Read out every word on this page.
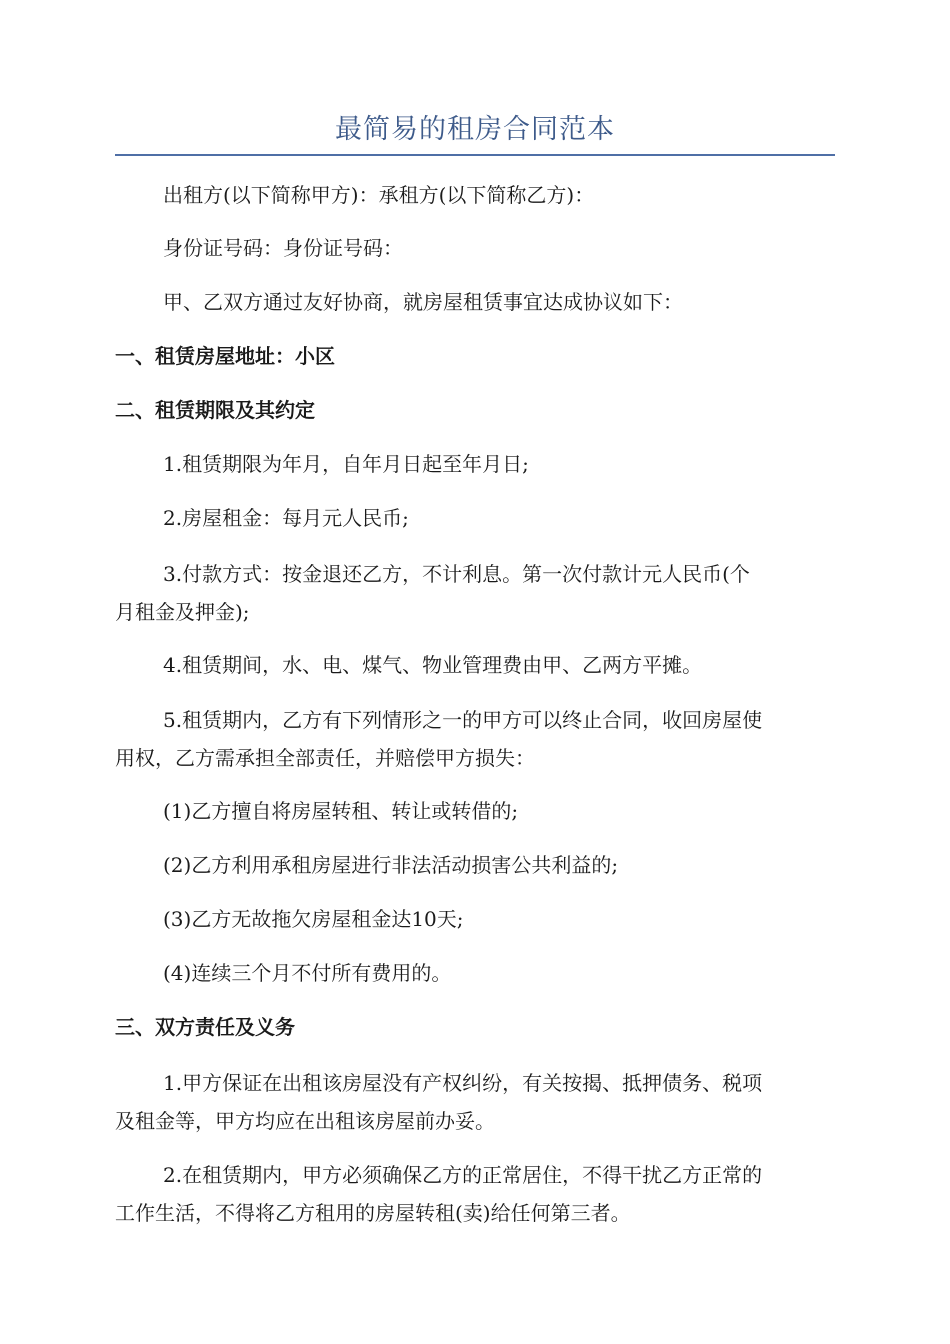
最简易的租房合同范本
出租方(以下简称甲方)：承租方(以下简称乙方)：
身份证号码：身份证号码：
甲、乙双方通过友好协商，就房屋租赁事宜达成协议如下：
一、租赁房屋地址：小区
二、租赁期限及其约定
1.租赁期限为年月，自年月日起至年月日;
2.房屋租金：每月元人民币;
3.付款方式：按金退还乙方，不计利息。第一次付款计元人民币(个
月租金及押金);
4.租赁期间，水、电、煤气、物业管理费由甲、乙两方平摊。
5.租赁期内，乙方有下列情形之一的甲方可以终止合同，收回房屋使
用权，乙方需承担全部责任，并赔偿甲方损失：
(1)乙方擅自将房屋转租、转让或转借的;
(2)乙方利用承租房屋进行非法活动损害公共利益的;
(3)乙方无故拖欠房屋租金达10天;
(4)连续三个月不付所有费用的。
三、双方责任及义务
1.甲方保证在出租该房屋没有产权纠纷，有关按揭、抵押债务、税项
及租金等，甲方均应在出租该房屋前办妥。
2.在租赁期内，甲方必须确保乙方的正常居住，不得干扰乙方正常的
工作生活，不得将乙方租用的房屋转租(卖)给任何第三者。
